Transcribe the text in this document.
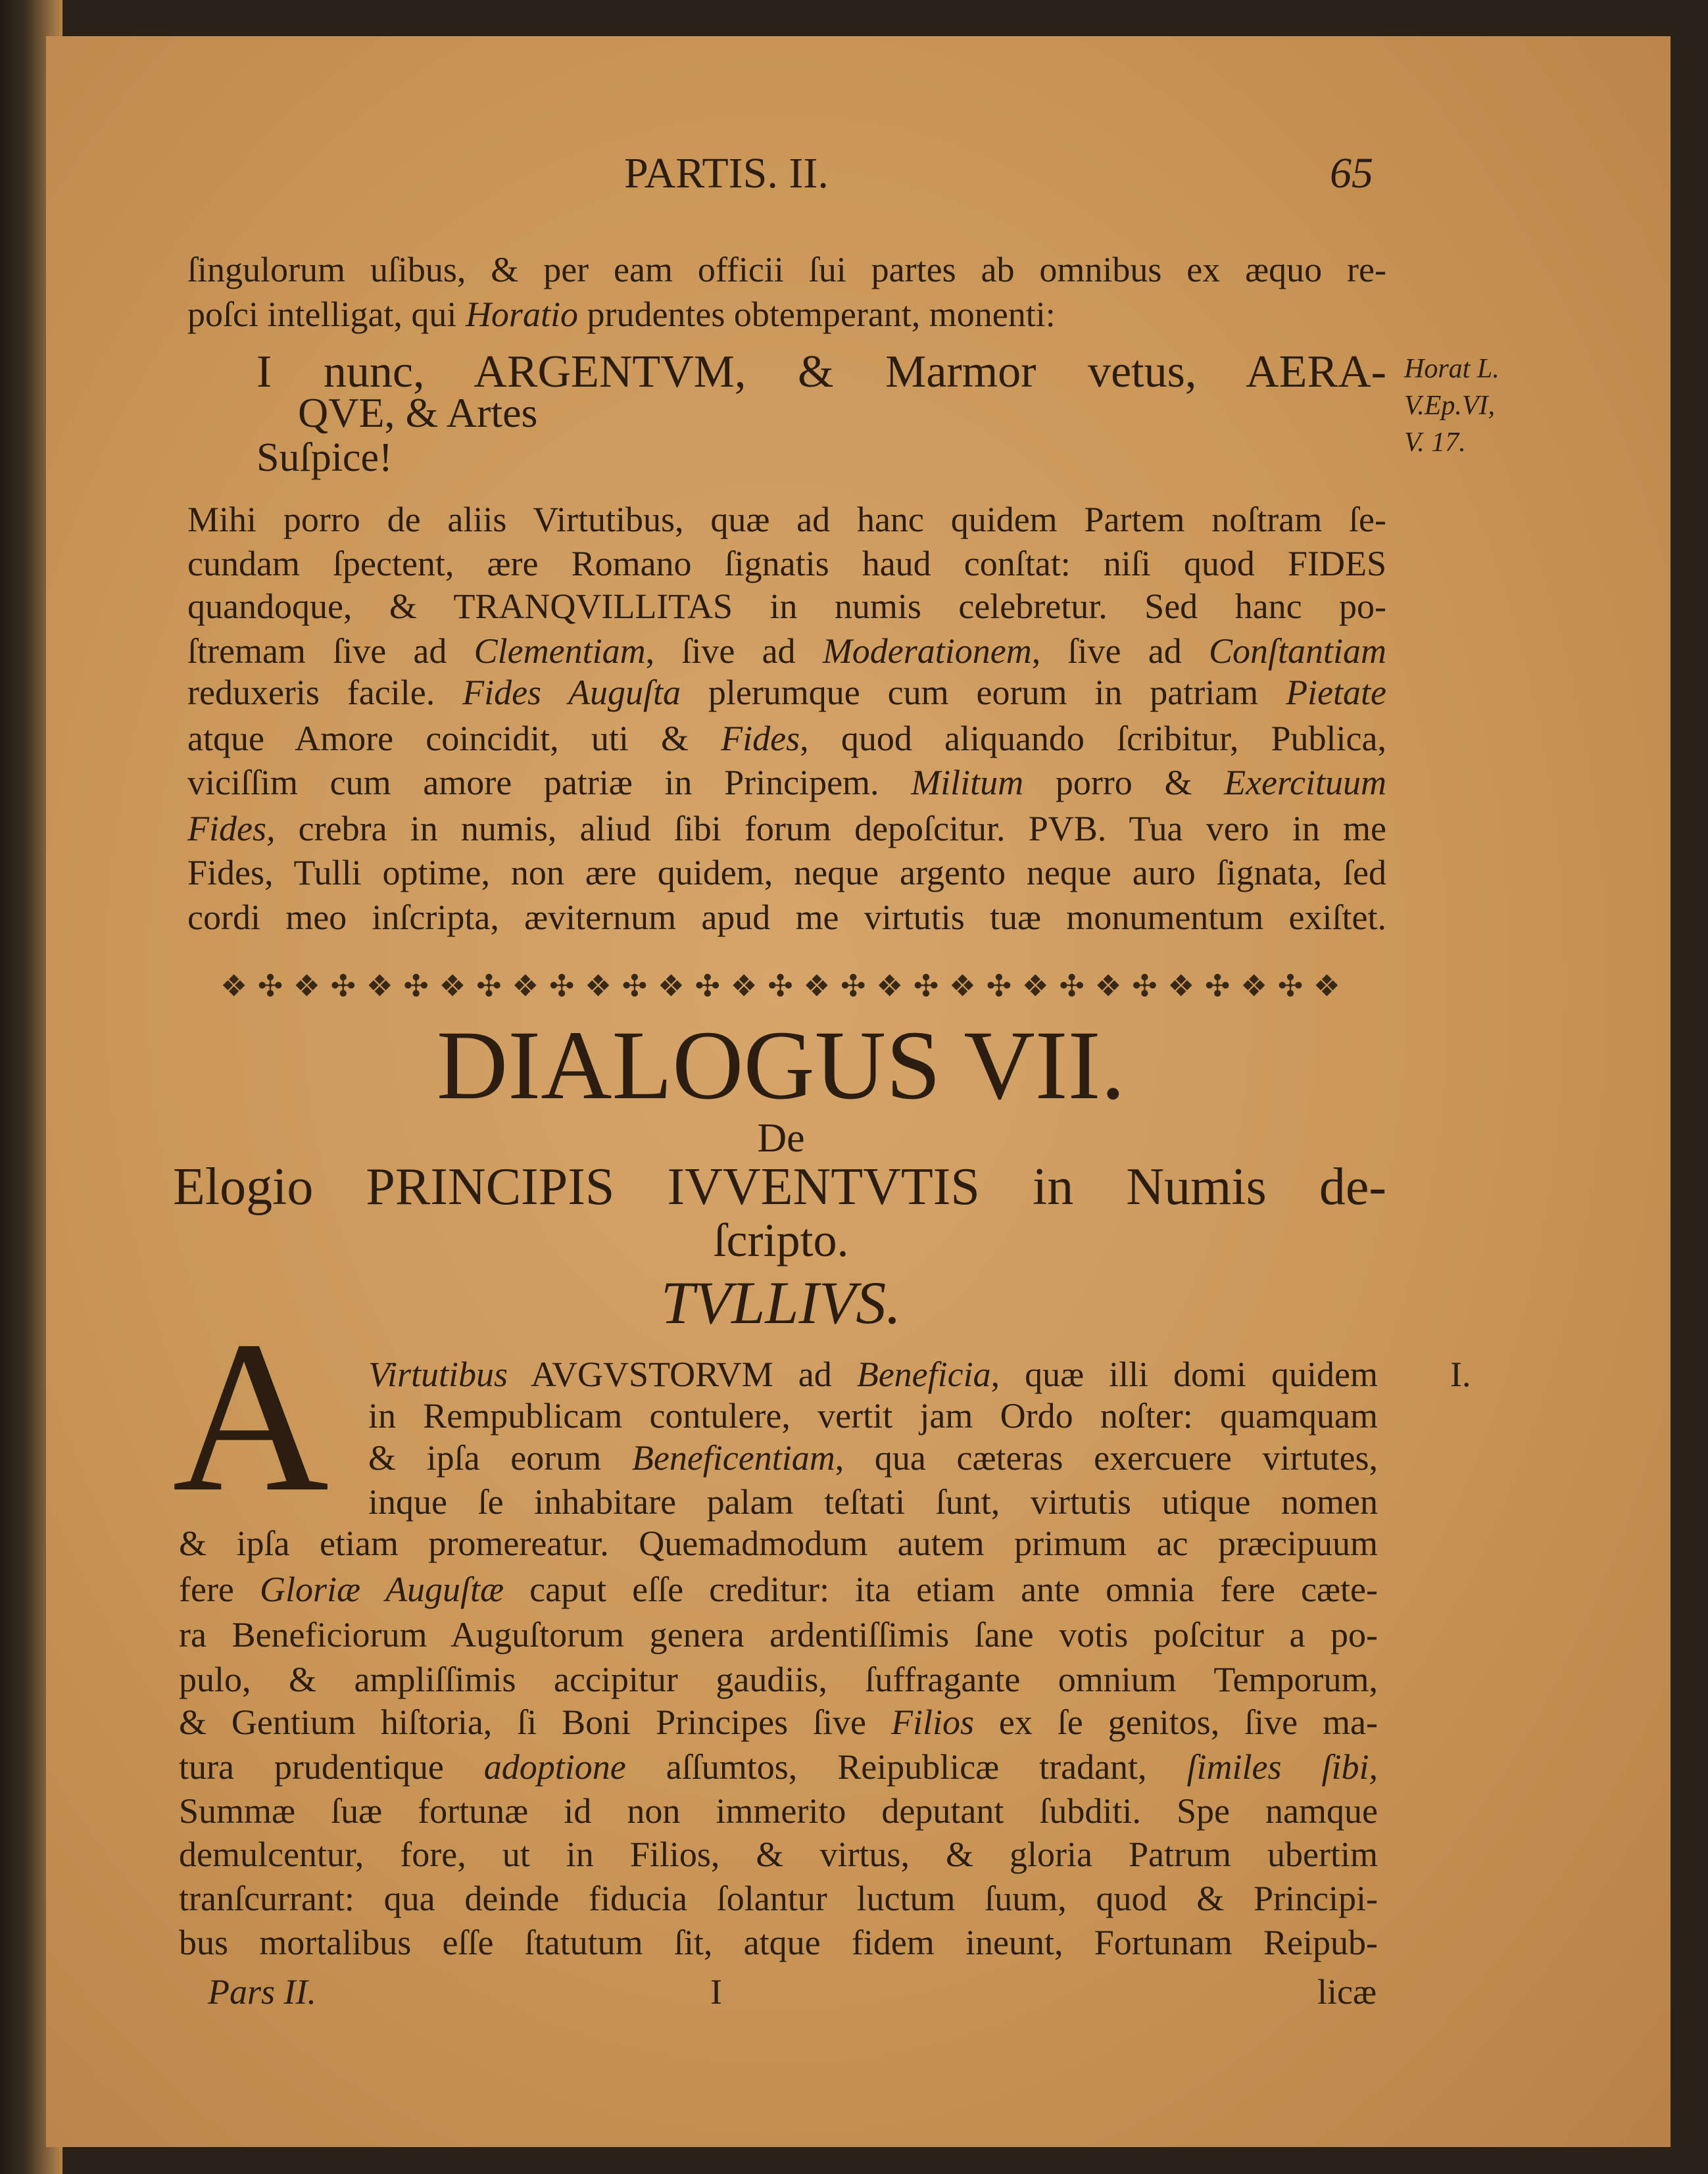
PARTIS. II.	65
ſingulorum uſibus, & per eam officii ſui partes ab omnibus ex æquo re-
poſci intelligat, qui Horatio prudentes obtemperant, monenti:
I nunc, ARGENTVM, & Marmor vetus, AERA-
QVE, & Artes
Suſpice!
Mihi porro de aliis Virtutibus, quæ ad hanc quidem Partem noſtram ſe-
cundam ſpectent, ære Romano ſignatis haud conſtat: niſi quod FIDES
quandoque, & TRANQVILLITAS in numis celebretur. Sed hanc po-
ſtremam ſive ad Clementiam, ſive ad Moderationem, ſive ad Conſtantiam
reduxeris facile. Fides Auguſta plerumque cum eorum in patriam Pietate
atque Amore coincidit, uti & Fides, quod aliquando ſcribitur, Publica,
viciſſim cum amore patriæ in Principem. Militum porro & Exercituum
Fides, crebra in numis, aliud ſibi forum depoſcitur. PVB. Tua vero in me
Fides, Tulli optime, non ære quidem, neque argento neque auro ſignata, ſed
cordi meo inſcripta, æviternum apud me virtutis tuæ monumentum exiſtet.
Horat L.
V.Ep.VI,
V. 17.
❖ ✣ ❖ ✣ ❖ ✣ ❖ ✣ ❖ ✣ ❖ ✣ ❖ ✣ ❖ ✣ ❖ ✣ ❖ ✣ ❖ ✣ ❖ ✣ ❖ ✣ ❖ ✣ ❖ ✣ ❖
DIALOGUS VII.
De
Elogio PRINCIPIS IVVENTVTIS in Numis de-
ſcripto.
TVLLIVS.
A	I.
Virtutibus AVGVSTORVM ad Beneficia, quæ illi domi quidem
in Rempublicam contulere, vertit jam Ordo noſter: quamquam
& ipſa eorum Beneficentiam, qua cæteras exercuere virtutes,
inque ſe inhabitare palam teſtati ſunt, virtutis utique nomen
& ipſa etiam promereatur. Quemadmodum autem primum ac præcipuum
fere Gloriæ Auguſtæ caput eſſe creditur: ita etiam ante omnia fere cæte-
ra Beneficiorum Auguſtorum genera ardentiſſimis ſane votis poſcitur a po-
pulo, & ampliſſimis accipitur gaudiis, ſuffragante omnium Temporum,
& Gentium hiſtoria, ſi Boni Principes ſive Filios ex ſe genitos, ſive ma-
tura prudentique adoptione aſſumtos, Reipublicæ tradant, ſimiles ſibi,
Summæ ſuæ fortunæ id non immerito deputant ſubditi. Spe namque
demulcentur, fore, ut in Filios, & virtus, & gloria Patrum ubertim
tranſcurrant: qua deinde fiducia ſolantur luctum ſuum, quod & Principi-
bus mortalibus eſſe ſtatutum ſit, atque fidem ineunt, Fortunam Reipub-
Pars II.	I	licæ
